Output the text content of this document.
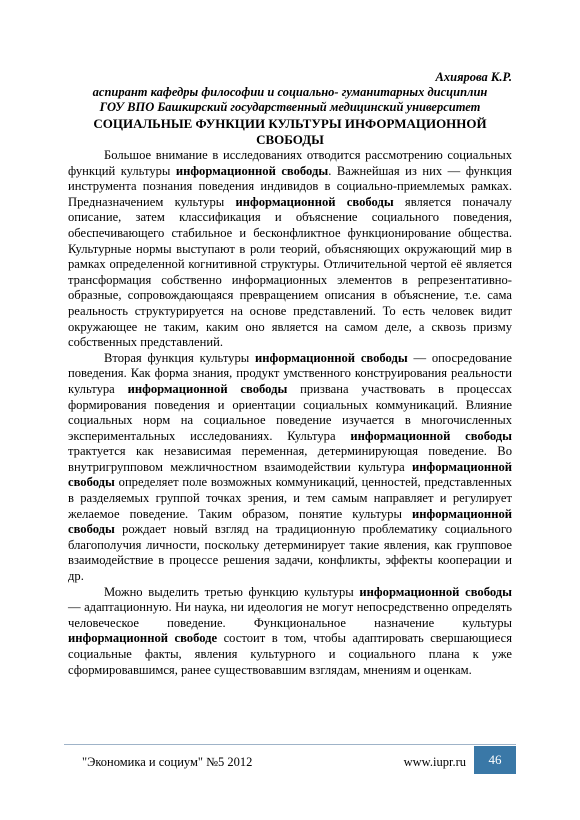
Ахиярова К.Р.
аспирант кафедры философии и социально- гуманитарных дисциплин
ГОУ ВПО Башкирский государственный медицинский университет
СОЦИАЛЬНЫЕ ФУНКЦИИ КУЛЬТУРЫ ИНФОРМАЦИОННОЙ СВОБОДЫ

Большое внимание в исследованиях отводится рассмотрению социальных функций культуры информационной свободы. Важнейшая из них — функция инструмента познания поведения индивидов в социально-приемлемых рамках. Предназначением культуры информационной свободы является поначалу описание, затем классификация и объяснение социального поведения, обеспечивающего стабильное и бесконфликтное функционирование общества. Культурные нормы выступают в роли теорий, объясняющих окружающий мир в рамках определенной когнитивной структуры. Отличительной чертой её является трансформация собственно информационных элементов в репрезентативно-образные, сопровождающаяся превращением описания в объяснение, т.е. сама реальность структурируется на основе представлений. То есть человек видит окружающее не таким, каким оно является на самом деле, а сквозь призму собственных представлений.

Вторая функция культуры информационной свободы — опосредование поведения. Как форма знания, продукт умственного конструирования реальности культура информационной свободы призвана участвовать в процессах формирования поведения и ориентации социальных коммуникаций. Влияние социальных норм на социальное поведение изучается в многочисленных экспериментальных исследованиях. Культура информационной свободы трактуется как независимая переменная, детерминирующая поведение. Во внутригрупповом межличностном взаимодействии культура информационной свободы определяет поле возможных коммуникаций, ценностей, представленных в разделяемых группой точках зрения, и тем самым направляет и регулирует желаемое поведение. Таким образом, понятие культуры информационной свободы рождает новый взгляд на традиционную проблематику социального благополучия личности, поскольку детерминирует такие явления, как групповое взаимодействие в процессе решения задачи, конфликты, эффекты кооперации и др.

Можно выделить третью функцию культуры информационной свободы — адаптационную. Ни наука, ни идеология не могут непосредственно определять человеческое поведение. Функциональное назначение культуры информационной свободе состоит в том, чтобы адаптировать свершающиеся социальные факты, явления культурного и социального плана к уже сформировавшимся, ранее существовавшим взглядам, мнениям и оценкам.

"Экономика и социум" №5 2012	www.iupr.ru	46
